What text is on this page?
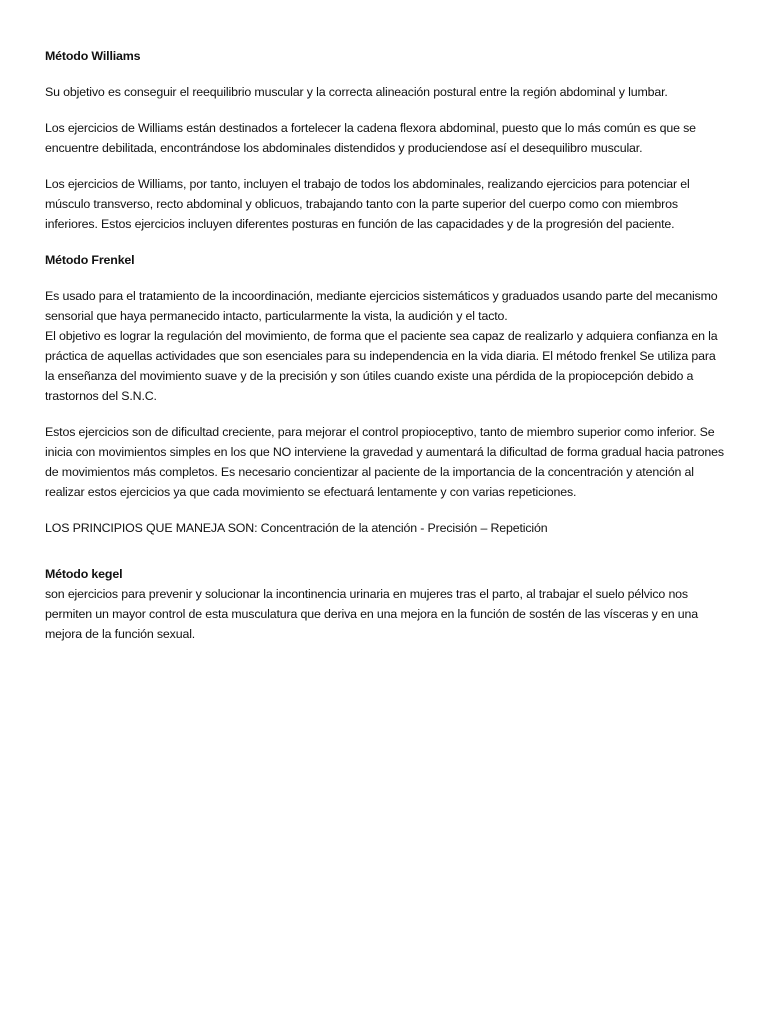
Método Williams
Su objetivo es conseguir el reequilibrio muscular y la correcta alineación postural entre la región abdominal y lumbar.
Los ejercicios de Williams están destinados a fortelecer la cadena flexora abdominal, puesto que lo más común es que se encuentre debilitada, encontrándose los abdominales distendidos y produciendose así el desequilibro muscular.
Los ejercicios de Williams, por tanto, incluyen el trabajo de todos los abdominales, realizando ejercicios para potenciar el músculo transverso, recto abdominal y oblicuos, trabajando tanto con la parte superior del cuerpo como con miembros inferiores. Estos ejercicios incluyen diferentes posturas en función de las capacidades y de la progresión del paciente.
Método Frenkel

Es usado para el tratamiento de la incoordinación, mediante ejercicios sistemáticos y graduados usando parte del mecanismo sensorial que haya permanecido intacto, particularmente la vista, la audición y el tacto.

El objetivo es lograr la regulación del movimiento, de forma que el paciente sea capaz de realizarlo y adquiera confianza en la práctica de aquellas actividades que son esenciales para su independencia en la vida diaria. El método frenkel Se utiliza para la enseñanza del movimiento suave y de la precisión y son útiles cuando existe una pérdida de la propiocepción debido a trastornos del S.N.C.

Estos ejercicios son de dificultad creciente, para mejorar el control propioceptivo, tanto de miembro superior como inferior. Se inicia con movimientos simples en los que NO interviene la gravedad y aumentará la dificultad de forma gradual hacia patrones de movimientos más completos. Es necesario concientizar al paciente de la importancia de la concentración y atención al realizar estos ejercicios ya que cada movimiento se efectuará lentamente y con varias repeticiones.
LOS PRINCIPIOS QUE MANEJA SON: Concentración de la atención - Precisión – Repetición
Método kegel
son ejercicios para prevenir y solucionar la incontinencia urinaria en mujeres tras el parto, al trabajar el suelo pélvico nos permiten un mayor control de esta musculatura que deriva en una mejora en la función de sostén de las vísceras y en una mejora de la función sexual.
